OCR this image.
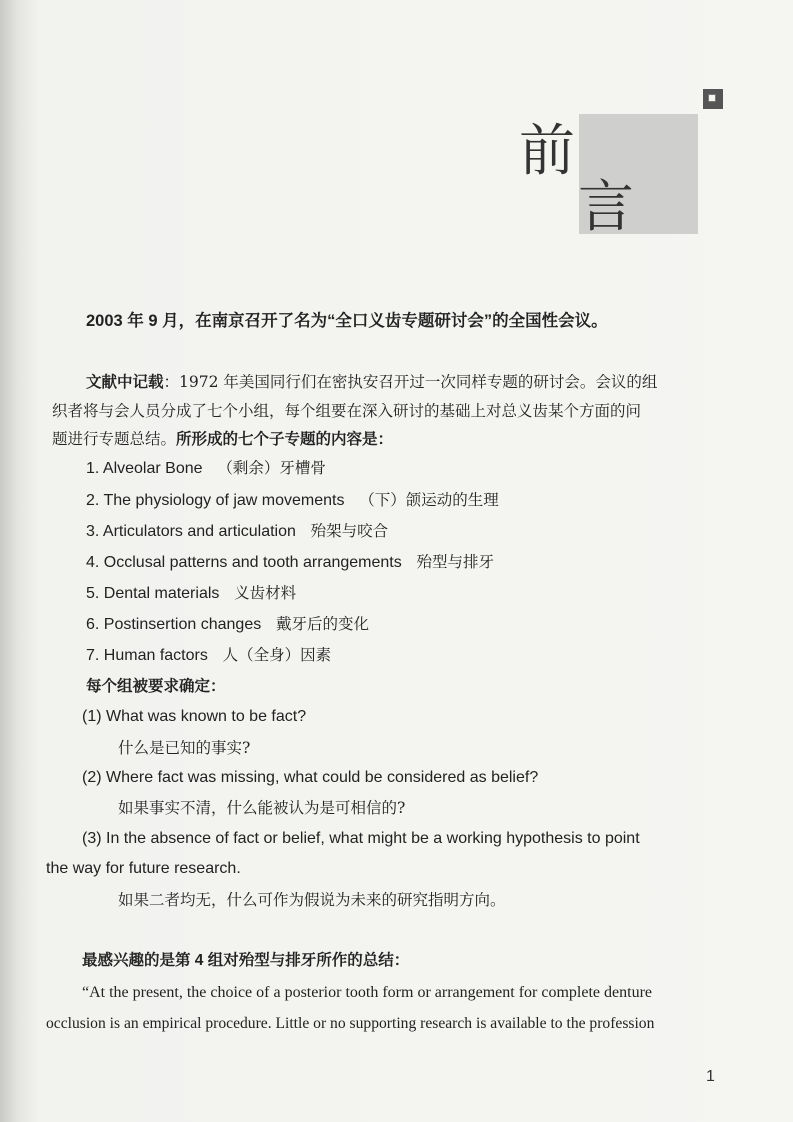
前
言
2003 年 9 月，在南京召开了名为“全口义齿专题研讨会”的全国性会议。
文献中记载：1972 年美国同行们在密执安召开过一次同样专题的研讨会。会议的组
织者将与会人员分成了七个小组，每个组要在深入研讨的基础上对总义齿某个方面的问
题进行专题总结。所形成的七个子专题的内容是：
1. Alveolar Bone （剩余）牙槽骨
2. The physiology of jaw movements （下）颌运动的生理
3. Articulators and articulation 殆架与咬合
4. Occlusal patterns and tooth arrangements 殆型与排牙
5. Dental materials 义齿材料
6. Postinsertion changes 戴牙后的变化
7. Human factors 人（全身）因素
每个组被要求确定：
(1) What was known to be fact?
什么是已知的事实?
(2) Where fact was missing, what could be considered as belief?
如果事实不清，什么能被认为是可相信的?
(3) In the absence of fact or belief, what might be a working hypothesis to point
the way for future research.
如果二者均无，什么可作为假说为未来的研究指明方向。
最感兴趣的是第 4 组对殆型与排牙所作的总结：
“At the present, the choice of a posterior tooth form or arrangement for complete denture
occlusion is an empirical procedure. Little or no supporting research is available to the profession
1
